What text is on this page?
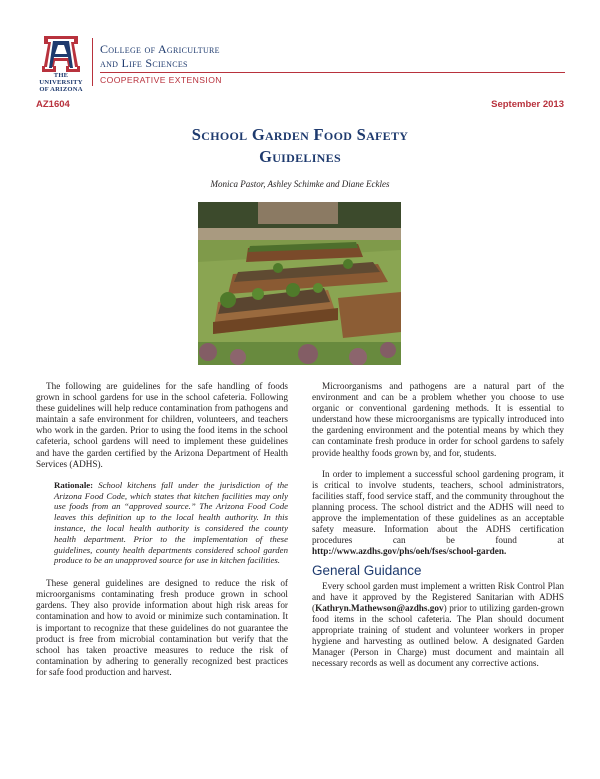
THE UNIVERSITY
OF ARIZONA
College of Agriculture
and Life Sciences
COOPERATIVE EXTENSION
AZ1604	September 2013
School Garden Food Safety
Guidelines
Monica Pastor, Ashley Schimke and Diane Eckles

The following are guidelines for the safe handling of foods grown in school gardens for use in the school cafeteria. Following these guidelines will help reduce contamination from pathogens and maintain a safe environment for children, volunteers, and teachers who work in the garden. Prior to using the food items in the school cafeteria, school gardens will need to implement these guidelines and have the garden certified by the Arizona Department of Health Services (ADHS).

Rationale: School kitchens fall under the jurisdiction of the Arizona Food Code, which states that kitchen facilities may only use foods from an “approved source.” The Arizona Food Code leaves this definition up to the local health authority. In this instance, the local health authority is considered the county health department. Prior to the implementation of these guidelines, county health departments considered school garden produce to be an unapproved source for use in kitchen facilities.

These general guidelines are designed to reduce the risk of microorganisms contaminating fresh produce grown in school gardens. They also provide information about high risk areas for contamination and how to avoid or minimize such contamination. It is important to recognize that these guidelines do not guarantee the product is free from microbial contamination but verify that the school has taken proactive measures to reduce the risk of contamination by adhering to generally recognized best practices for safe food production and harvest.

Microorganisms and pathogens are a natural part of the environment and can be a problem whether you choose to use organic or conventional gardening methods. It is essential to understand how these microorganisms are typically introduced into the gardening environment and the potential means by which they can contaminate fresh produce in order for school gardens to safely provide healthy foods grown by, and for, students.

In order to implement a successful school gardening program, it is critical to involve students, teachers, school administrators, facilities staff, food service staff, and the community throughout the planning process. The school district and the ADHS will need to approve the implementation of these guidelines as an acceptable safety measure. Information about the ADHS certification procedures can be found at http://www.azdhs.gov/phs/oeh/fses/school-garden.

General Guidance

Every school garden must implement a written Risk Control Plan and have it approved by the Registered Sanitarian with ADHS (Kathryn.Mathewson@azdhs.gov) prior to utilizing garden-grown food items in the school cafeteria. The Plan should document appropriate training of student and volunteer workers in proper hygiene and harvesting as outlined below. A designated Garden Manager (Person in Charge) must document and maintain all necessary records as well as document any corrective actions.
